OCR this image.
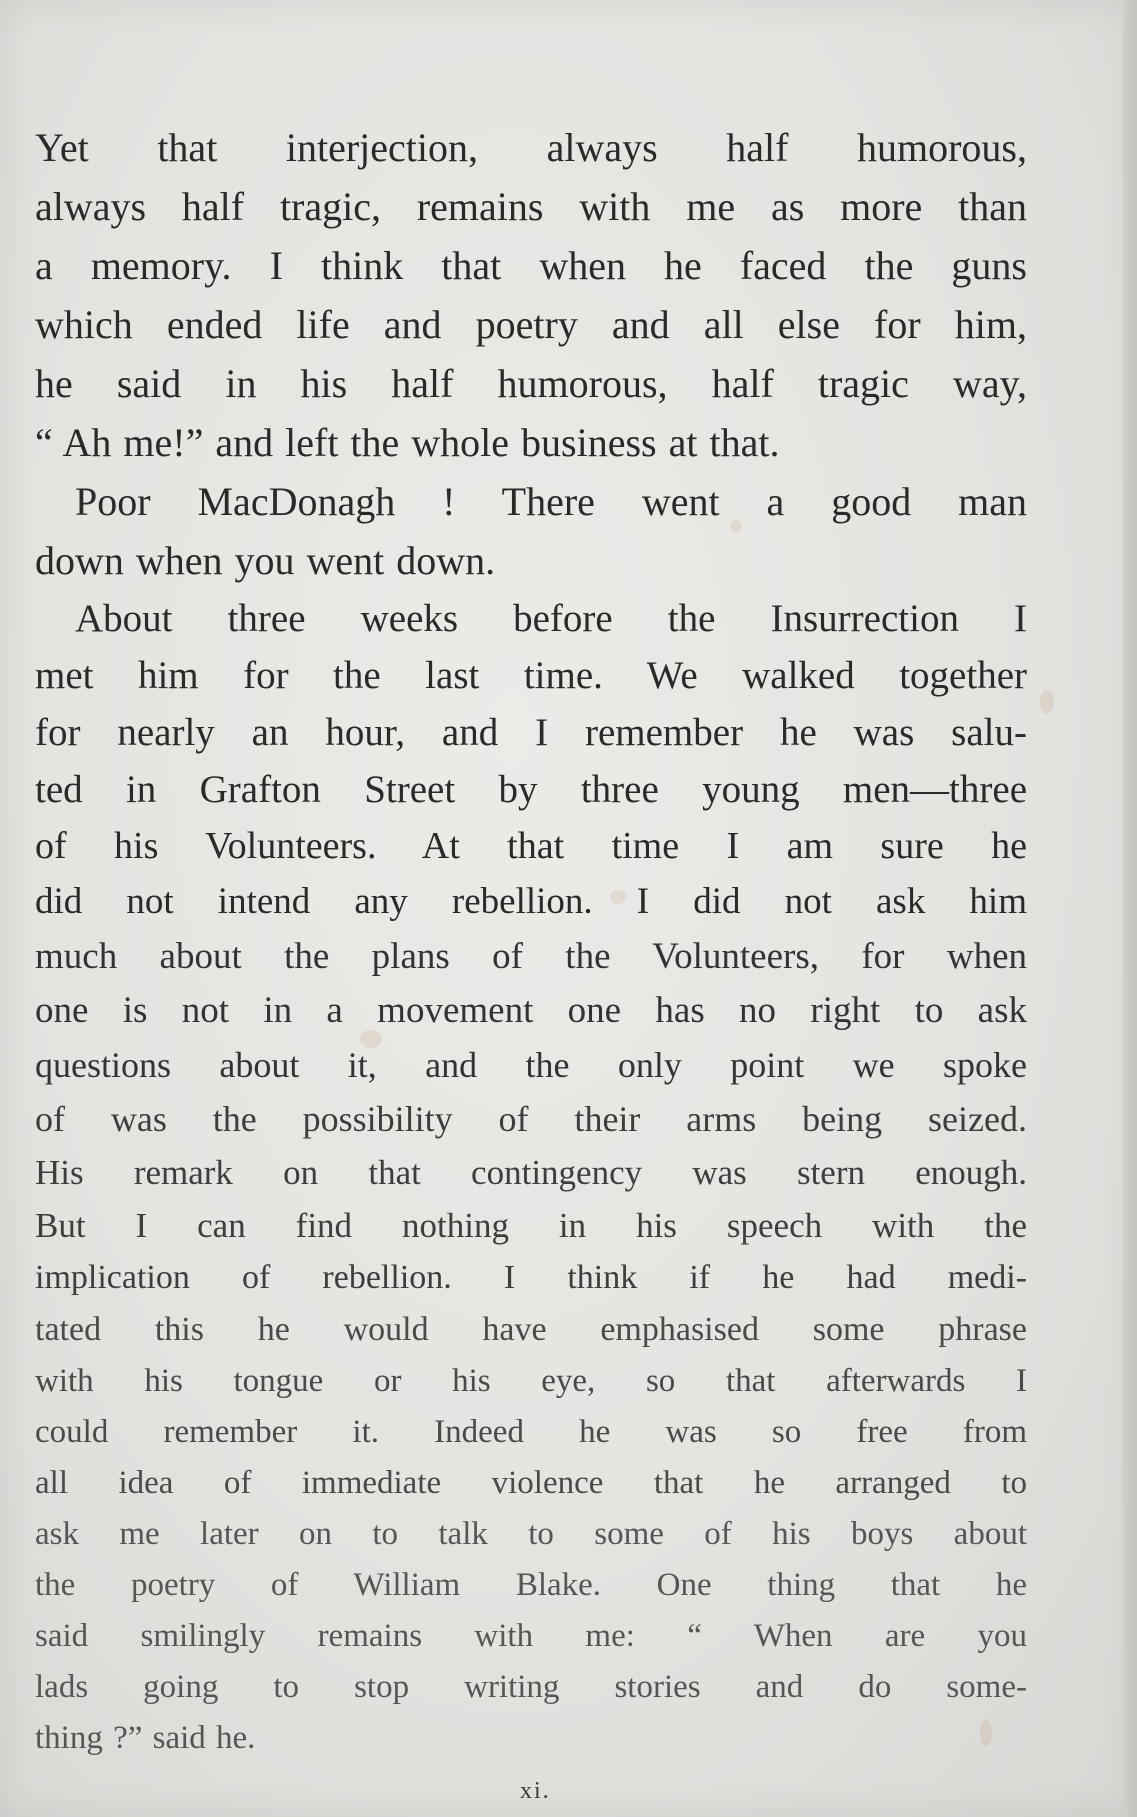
Yet that interjection, always half humorous,
always half tragic, remains with me as more than
a memory. I think that when he faced the guns
which ended life and poetry and all else for him,
he said in his half humorous, half tragic way,
“ Ah me!” and left the whole business at that.
Poor MacDonagh ! There went a good man
down when you went down.
About three weeks before the Insurrection I
met him for the last time. We walked together
for nearly an hour, and I remember he was salu-
ted in Grafton Street by three young men—three
of his Volunteers. At that time I am sure he
did not intend any rebellion. I did not ask him
much about the plans of the Volunteers, for when
one is not in a movement one has no right to ask
questions about it, and the only point we spoke
of was the possibility of their arms being seized.
His remark on that contingency was stern enough.
But I can find nothing in his speech with the
implication of rebellion. I think if he had medi-
tated this he would have emphasised some phrase
with his tongue or his eye, so that afterwards I
could remember it. Indeed he was so free from
all idea of immediate violence that he arranged to
ask me later on to talk to some of his boys about
the poetry of William Blake. One thing that he
said smilingly remains with me: “ When are you
lads going to stop writing stories and do some-
thing ?” said he.
xi.
